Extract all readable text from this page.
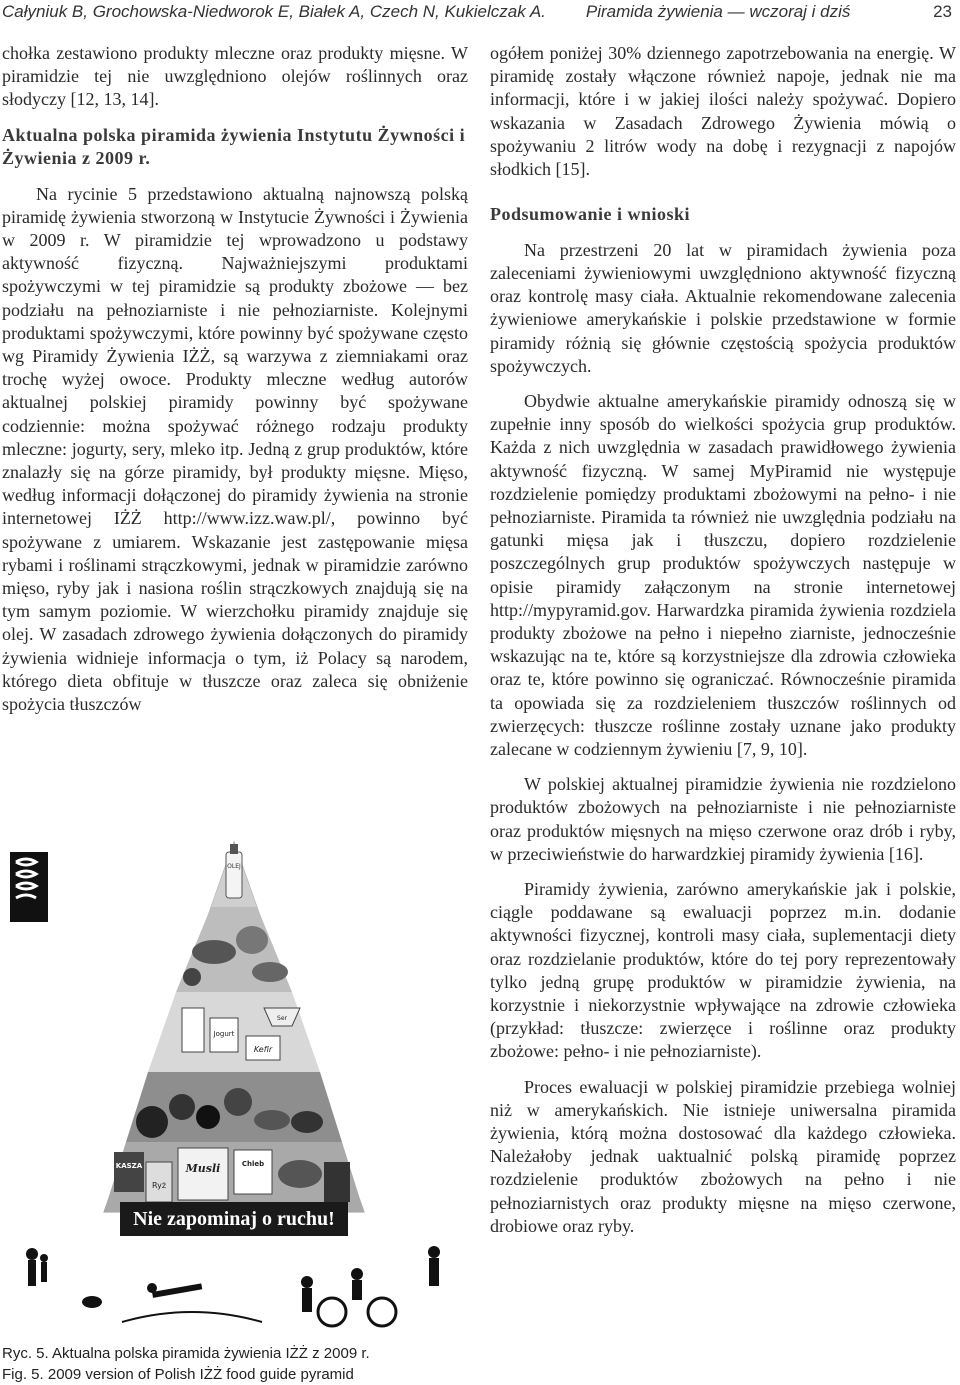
Całyniuk B, Grochowska-Niedworok E, Białek A, Czech N, Kukielczak A. Piramida żywienia — wczoraj i dziś	23

chołka zestawiono produkty mleczne oraz produkty mięsne. W piramidzie tej nie uwzględniono olejów roślinnych oraz słodyczy [12, 13, 14].

Aktualna polska piramida żywienia Instytutu Żywności i Żywienia z 2009 r.

Na rycinie 5 przedstawiono aktualną najnowszą polską piramidę żywienia stworzoną w Instytucie Żywności i Żywienia w 2009 r. W piramidzie tej wprowadzono u podstawy aktywność fizyczną. Najważniejszymi produktami spożywczymi w tej piramidzie są produkty zbożowe — bez podziału na pełnoziarniste i nie pełnoziarniste. Kolejnymi produktami spożywczymi, które powinny być spożywane często wg Piramidy Żywienia IŻŻ, są warzywa z ziemniakami oraz trochę wyżej owoce. Produkty mleczne według autorów aktualnej polskiej piramidy powinny być spożywane codziennie: można spożywać różnego rodzaju produkty mleczne: jogurty, sery, mleko itp. Jedną z grup produktów, które znalazły się na górze piramidy, był produkty mięsne. Mięso, według informacji dołączonej do piramidy żywienia na stronie internetowej IŻŻ http://www.izz.waw.pl/, powinno być spożywane z umiarem. Wskazanie jest zastępowanie mięsa rybami i roślinami strączkowymi, jednak w piramidzie zarówno mięso, ryby jak i nasiona roślin strączkowych znajdują się na tym samym poziomie. W wierzchołku piramidy znajduje się olej. W zasadach zdrowego żywienia dołączonych do piramidy żywienia widnieje informacja o tym, iż Polacy są narodem, którego dieta obfituje w tłuszcze oraz zaleca się obniżenie spożycia tłuszczów

OLEJ
Jogurt
Kefir
Ser
KASZA
Ryż
Musli	Chleb
Nie zapominaj o ruchu!
Ryc. 5. Aktualna polska piramida żywienia IŻŻ z 2009 r.
Fig. 5. 2009 version of Polish IŻŻ food guide pyramid

ogółem poniżej 30% dziennego zapotrzebowania na energię. W piramidę zostały włączone również napoje, jednak nie ma informacji, które i w jakiej ilości należy spożywać. Dopiero wskazania w Zasadach Zdrowego Żywienia mówią o spożywaniu 2 litrów wody na dobę i rezygnacji z napojów słodkich [15].

Podsumowanie i wnioski

Na przestrzeni 20 lat w piramidach żywienia poza zaleceniami żywieniowymi uwzględniono aktywność fizyczną oraz kontrolę masy ciała. Aktualnie rekomendowane zalecenia żywieniowe amerykańskie i polskie przedstawione w formie piramidy różnią się głównie częstością spożycia produktów spożywczych.

Obydwie aktualne amerykańskie piramidy odnoszą się w zupełnie inny sposób do wielkości spożycia grup produktów. Każda z nich uwzględnia w zasadach prawidłowego żywienia aktywność fizyczną. W samej MyPiramid nie występuje rozdzielenie pomiędzy produktami zbożowymi na pełno- i nie pełnoziarniste. Piramida ta również nie uwzględnia podziału na gatunki mięsa jak i tłuszczu, dopiero rozdzielenie poszczególnych grup produktów spożywczych następuje w opisie piramidy załączonym na stronie internetowej http://mypyramid.gov. Harwardzka piramida żywienia rozdziela produkty zbożowe na pełno i niepełno ziarniste, jednocześnie wskazując na te, które są korzystniejsze dla zdrowia człowieka oraz te, które powinno się ograniczać. Równocześnie piramida ta opowiada się za rozdzieleniem tłuszczów roślinnych od zwierzęcych: tłuszcze roślinne zostały uznane jako produkty zalecane w codziennym żywieniu [7, 9, 10].

W polskiej aktualnej piramidzie żywienia nie rozdzielono produktów zbożowych na pełnoziarniste i nie pełnoziarniste oraz produktów mięsnych na mięso czerwone oraz drób i ryby, w przeciwieństwie do harwardzkiej piramidy żywienia [16].

Piramidy żywienia, zarówno amerykańskie jak i polskie, ciągle poddawane są ewaluacji poprzez m.in. dodanie aktywności fizycznej, kontroli masy ciała, suplementacji diety oraz rozdzielanie produktów, które do tej pory reprezentowały tylko jedną grupę produktów w piramidzie żywienia, na korzystnie i niekorzystnie wpływające na zdrowie człowieka (przykład: tłuszcze: zwierzęce i roślinne oraz produkty zbożowe: pełno- i nie pełnoziarniste).

Proces ewaluacji w polskiej piramidzie przebiega wolniej niż w amerykańskich. Nie istnieje uniwersalna piramida żywienia, którą można dostosować dla każdego człowieka. Należałoby jednak uaktualnić polską piramidę poprzez rozdzielenie produktów zbożowych na pełno i nie pełnoziarnistych oraz produkty mięsne na mięso czerwone, drobiowe oraz ryby.
